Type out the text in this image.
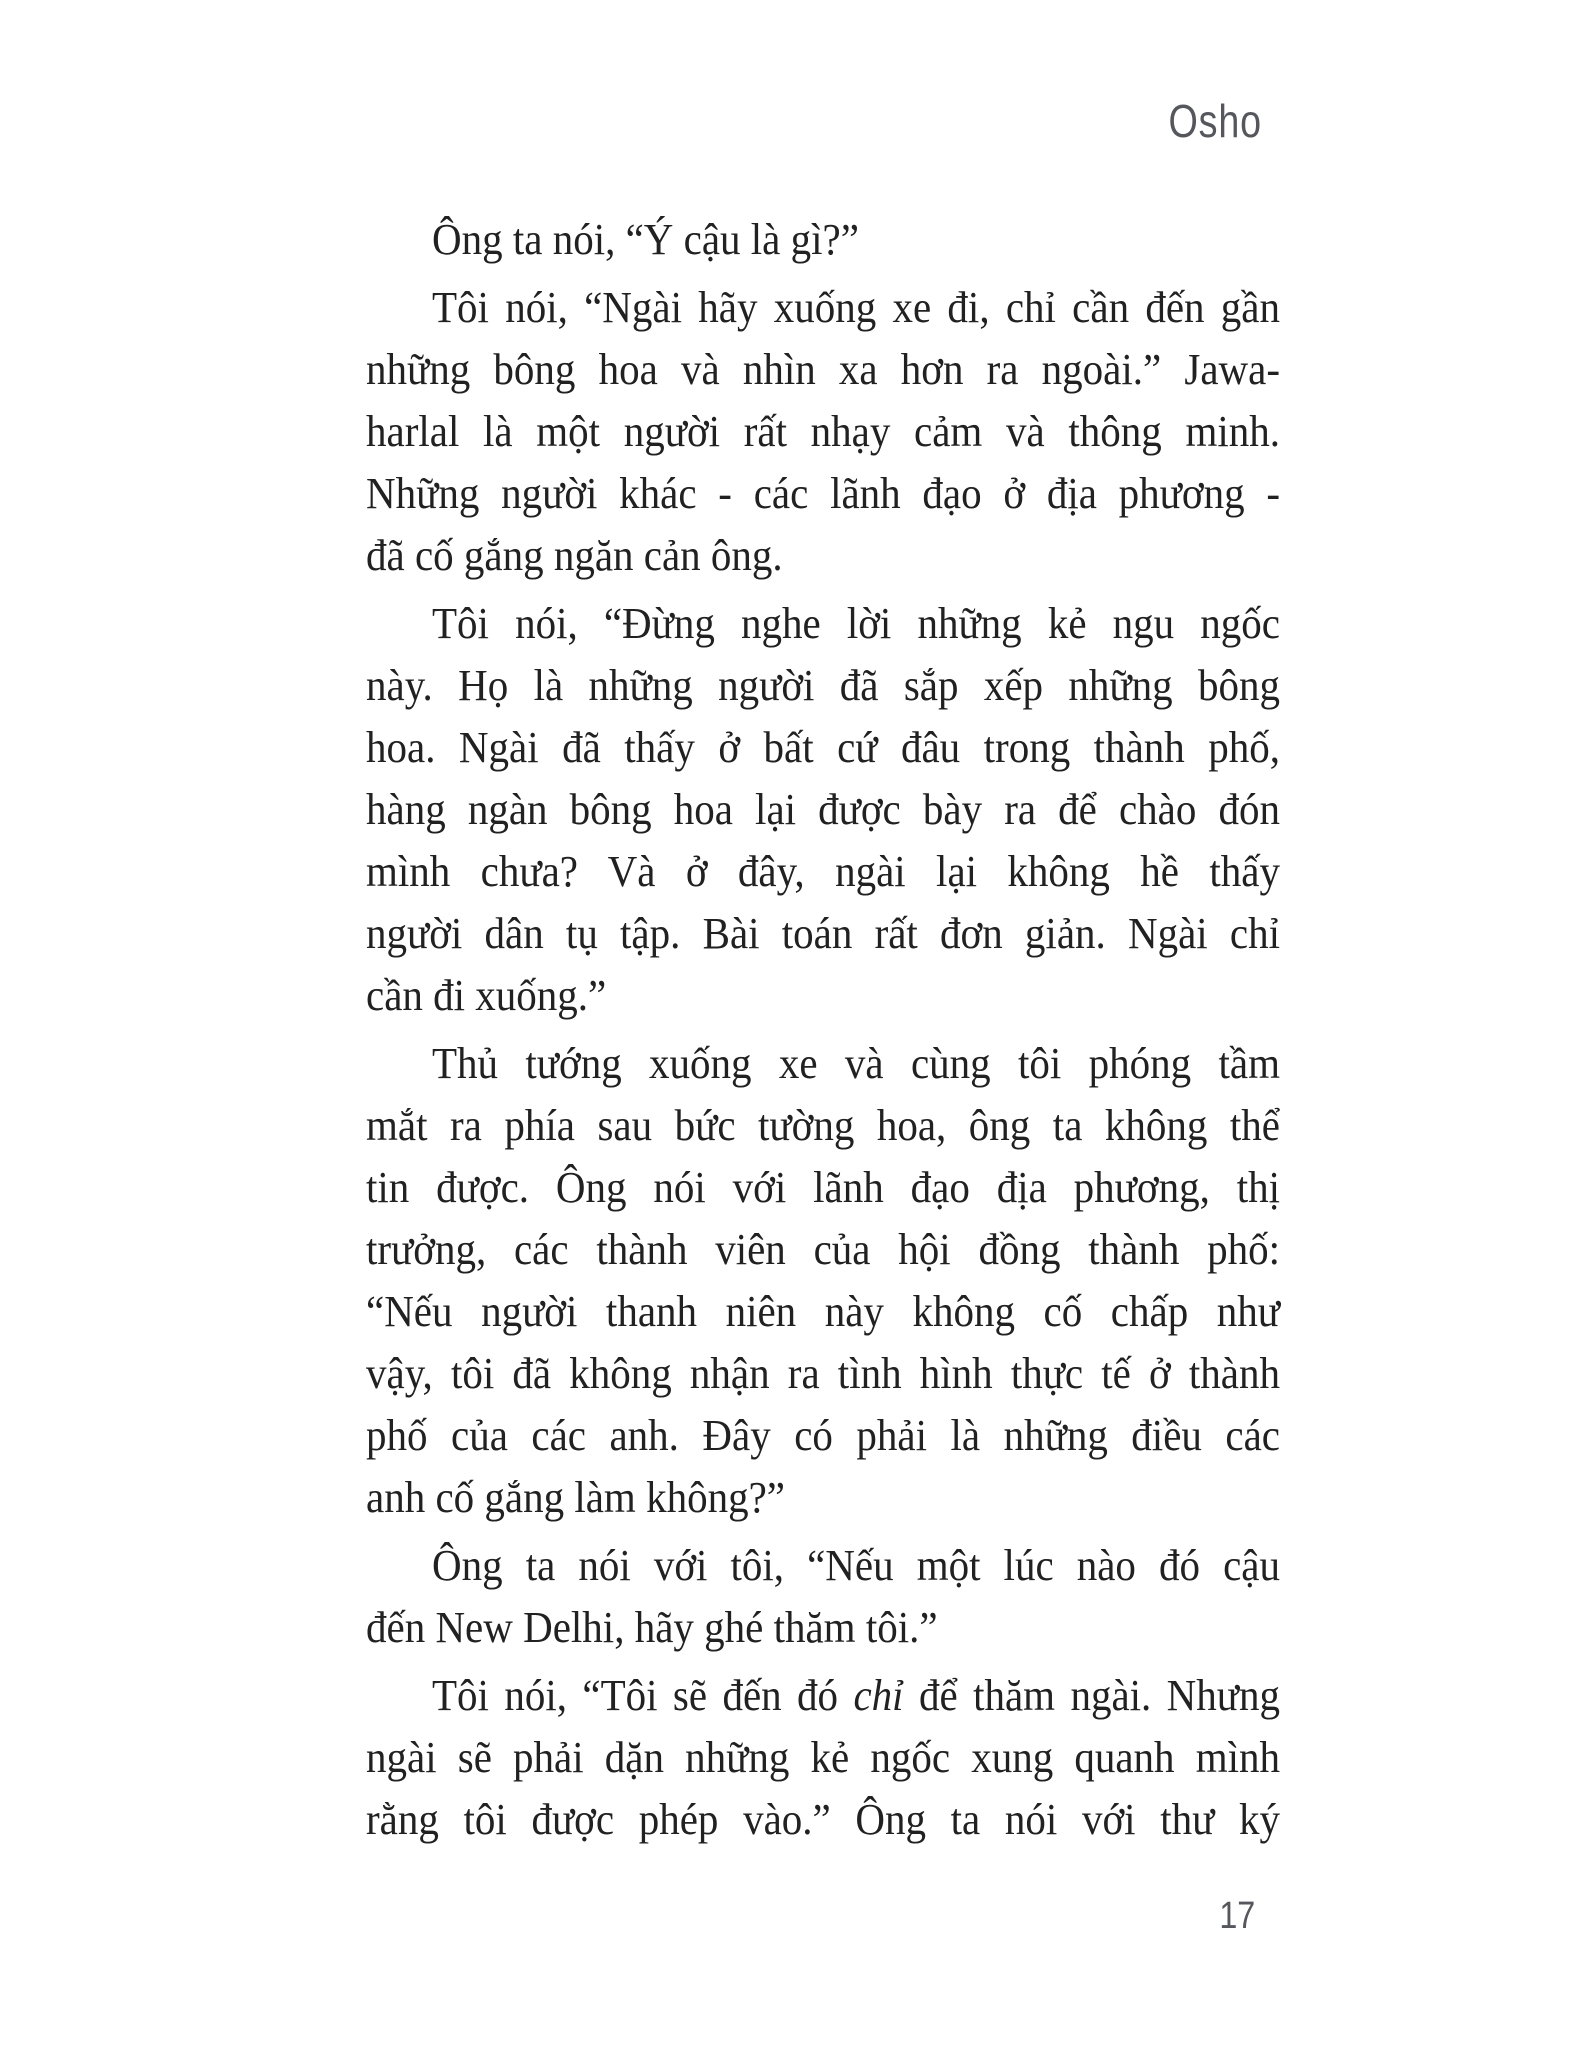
Osho
Ông ta nói, “Ý cậu là gì?”
Tôi nói, “Ngài hãy xuống xe đi, chỉ cần đến gần
những bông hoa và nhìn xa hơn ra ngoài.” Jawa-
harlal là một người rất nhạy cảm và thông minh.
Những người khác - các lãnh đạo ở địa phương -
đã cố gắng ngăn cản ông.
Tôi nói, “Đừng nghe lời những kẻ ngu ngốc
này. Họ là những người đã sắp xếp những bông
hoa. Ngài đã thấy ở bất cứ đâu trong thành phố,
hàng ngàn bông hoa lại được bày ra để chào đón
mình chưa? Và ở đây, ngài lại không hề thấy
người dân tụ tập. Bài toán rất đơn giản. Ngài chỉ
cần đi xuống.”
Thủ tướng xuống xe và cùng tôi phóng tầm
mắt ra phía sau bức tường hoa, ông ta không thể
tin được. Ông nói với lãnh đạo địa phương, thị
trưởng, các thành viên của hội đồng thành phố:
“Nếu người thanh niên này không cố chấp như
vậy, tôi đã không nhận ra tình hình thực tế ở thành
phố của các anh. Đây có phải là những điều các
anh cố gắng làm không?”
Ông ta nói với tôi, “Nếu một lúc nào đó cậu
đến New Delhi, hãy ghé thăm tôi.”
Tôi nói, “Tôi sẽ đến đó chỉ để thăm ngài. Nhưng
ngài sẽ phải dặn những kẻ ngốc xung quanh mình
rằng tôi được phép vào.” Ông ta nói với thư ký
17
